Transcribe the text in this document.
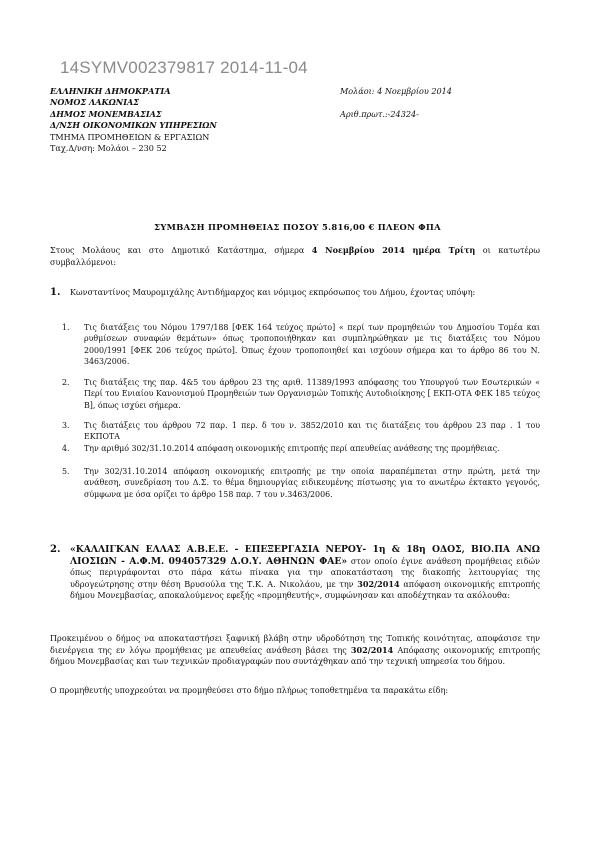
14SYMV002379817 2014-11-04
ΕΛΛΗΝΙΚΗ ΔΗΜΟΚΡΑΤΙΑ
ΝΟΜΟΣ ΛΑΚΩΝΙΑΣ
ΔΗΜΟΣ ΜΟΝΕΜΒΑΣΙΑΣ
Δ/ΝΣΗ ΟΙΚΟΝΟΜΙΚΩΝ ΥΠΗΡΕΣΙΩΝ
ΤΜΗΜΑ ΠΡΟΜΗΘΕΙΩΝ & ΕΡΓΑΣΙΩΝ
Ταχ.Δ/νση: Μολάοι – 230 52
Μολάοι: 4 Νοεμβρίου 2014
Αριθ.πρωτ.:-24324-
ΣΥΜΒΑΣΗ ΠΡΟΜΗΘΕΙΑΣ ΠΟΣΟΥ 5.816,00 € ΠΛΕΟΝ ΦΠΑ
Στους Μολάους και στο Δημοτικό Κατάστημα, σήμερα 4 Νοεμβρίου 2014 ημέρα Τρίτη οι κατωτέρω συμβαλλόμενοι:
1. Κωνσταντίνος Μαυρομιχάλης Αντιδήμαρχος και νόμιμος εκπρόσωπος του Δήμου, έχοντας υπόψη:
1. Τις διατάξεις του Νόμου 1797/188 [ΦΕΚ 164 τεύχος πρώτο] « περί των προμηθειών του Δημοσίου Τομέα και ρυθμίσεων συναφών θεμάτων» όπως τροποποιήθηκαν και συμπληρώθηκαν με τις διατάξεις του Νόμου 2000/1991 [ΦΕΚ 206 τεύχος πρώτο]. Όπως έχουν τροποποιηθεί και ισχύουν σήμερα και το άρθρο 86 του Ν. 3463/2006.
2. Τις διατάξεις της παρ. 4&5 του άρθρου 23 της αριθ. 11389/1993 απόφασης του Υπουργού των Εσωτερικών « Περί του Ενιαίου Κανονισμού Προμηθειών των Οργανισμών Τοπικής Αυτοδιοίκησης [ ΕΚΠ-ΟΤΑ ΦΕΚ 185 τεύχος Β], όπως ισχύει σήμερα.
3. Τις διατάξεις του άρθρου 72 παρ. 1 περ. δ του ν. 3852/2010 και τις διατάξεις του άρθρου 23 παρ . 1 του ΕΚΠΟΤΑ
4. Την αριθμό 302/31.10.2014 απόφαση οικονομικής επιτροπής περί απευθείας ανάθεσης της προμήθειας.
5. Την 302/31.10.2014 απόφαση οικονομικής επιτροπής με την οποία παραπέμπεται στην πρώτη, μετά την ανάθεση, συνεδρίαση του Δ.Σ. το θέμα δημιουργίας ειδικευμένης πίστωσης για το ανωτέρω έκτακτο γεγονός, σύμφωνα με όσα ορίζει το άρθρο 158 παρ. 7 του ν.3463/2006.
2. «ΚΑΛΛΙΓΚΑΝ ΕΛΛΑΣ Α.Β.Ε.Ε. - ΕΠΕΞΕΡΓΑΣΙΑ ΝΕΡΟΥ- 1η & 18η ΟΔΟΣ, ΒΙΟ.ΠΑ ΑΝΩ ΛΙΟΣΙΩΝ - Α.Φ.Μ. 094057329 Δ.Ο.Υ. ΑΘΗΝΩΝ ΦΑΕ» στον οποίο έγινε ανάθεση προμήθειας ειδών όπως περιγράφονται στο πάρα κάτω πίνακα για την αποκατάσταση της διακοπής λειτουργίας της υδρογεώτρησης στην θέση Βρυσούλα της Τ.Κ. Α. Νικολάου, με την 302/2014 απόφαση οικονομικής επιτροπής δήμου Μονεμβασίας, αποκαλούμενος εφεξής «προμηθευτής», συμφώνησαν και αποδέχτηκαν τα ακόλουθα:
Προκειμένου ο δήμος να αποκαταστήσει ξαφνική βλάβη στην υδροδότηση της Τοπικής κοινότητας, αποφάσισε την διενέργεια της εν λόγω προμήθειας με απευθείας ανάθεση βάσει της 302/2014 Απόφασης οικονομικής επιτροπής δήμου Μονεμβασίας και των τεχνικών προδιαγραφών που συντάχθηκαν από την τεχνική υπηρεσία του δήμου.
Ο προμηθευτής υποχρεούται να προμηθεύσει στο δήμο πλήρως τοποθετημένα τα παρακάτω είδη:
